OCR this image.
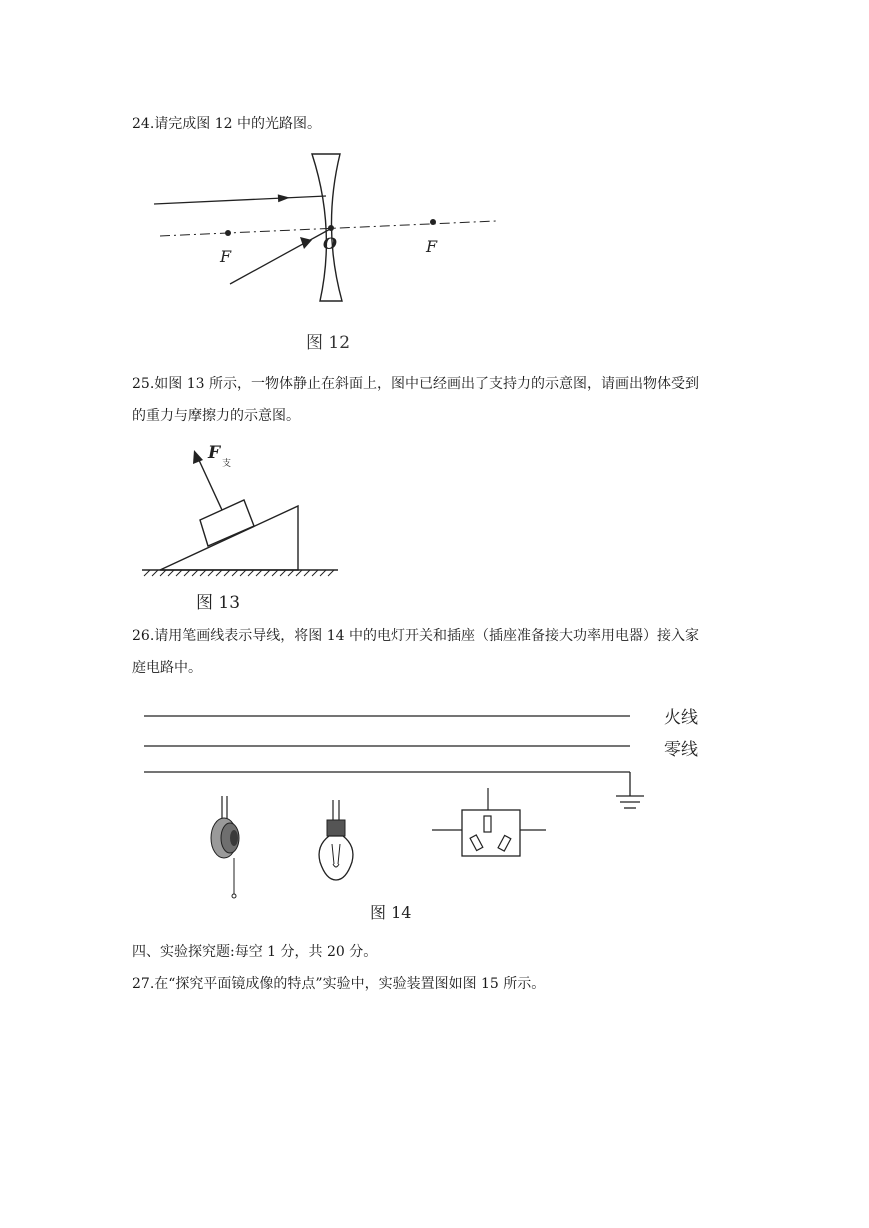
24.请完成图 12 中的光路图。
F
O	F
图 12
25.如图 13 所示，一物体静止在斜面上，图中已经画出了支持力的示意图，请画出物体受到
的重力与摩擦力的示意图。
F
支
图 13
26.请用笔画线表示导线，将图 14 中的电灯开关和插座（插座准备接大功率用电器）接入家
庭电路中。
图 14
火线
零线
四、实验探究题:每空 1 分，共 20 分。
27.在“探究平面镜成像的特点”实验中，实验装置图如图 15 所示。
